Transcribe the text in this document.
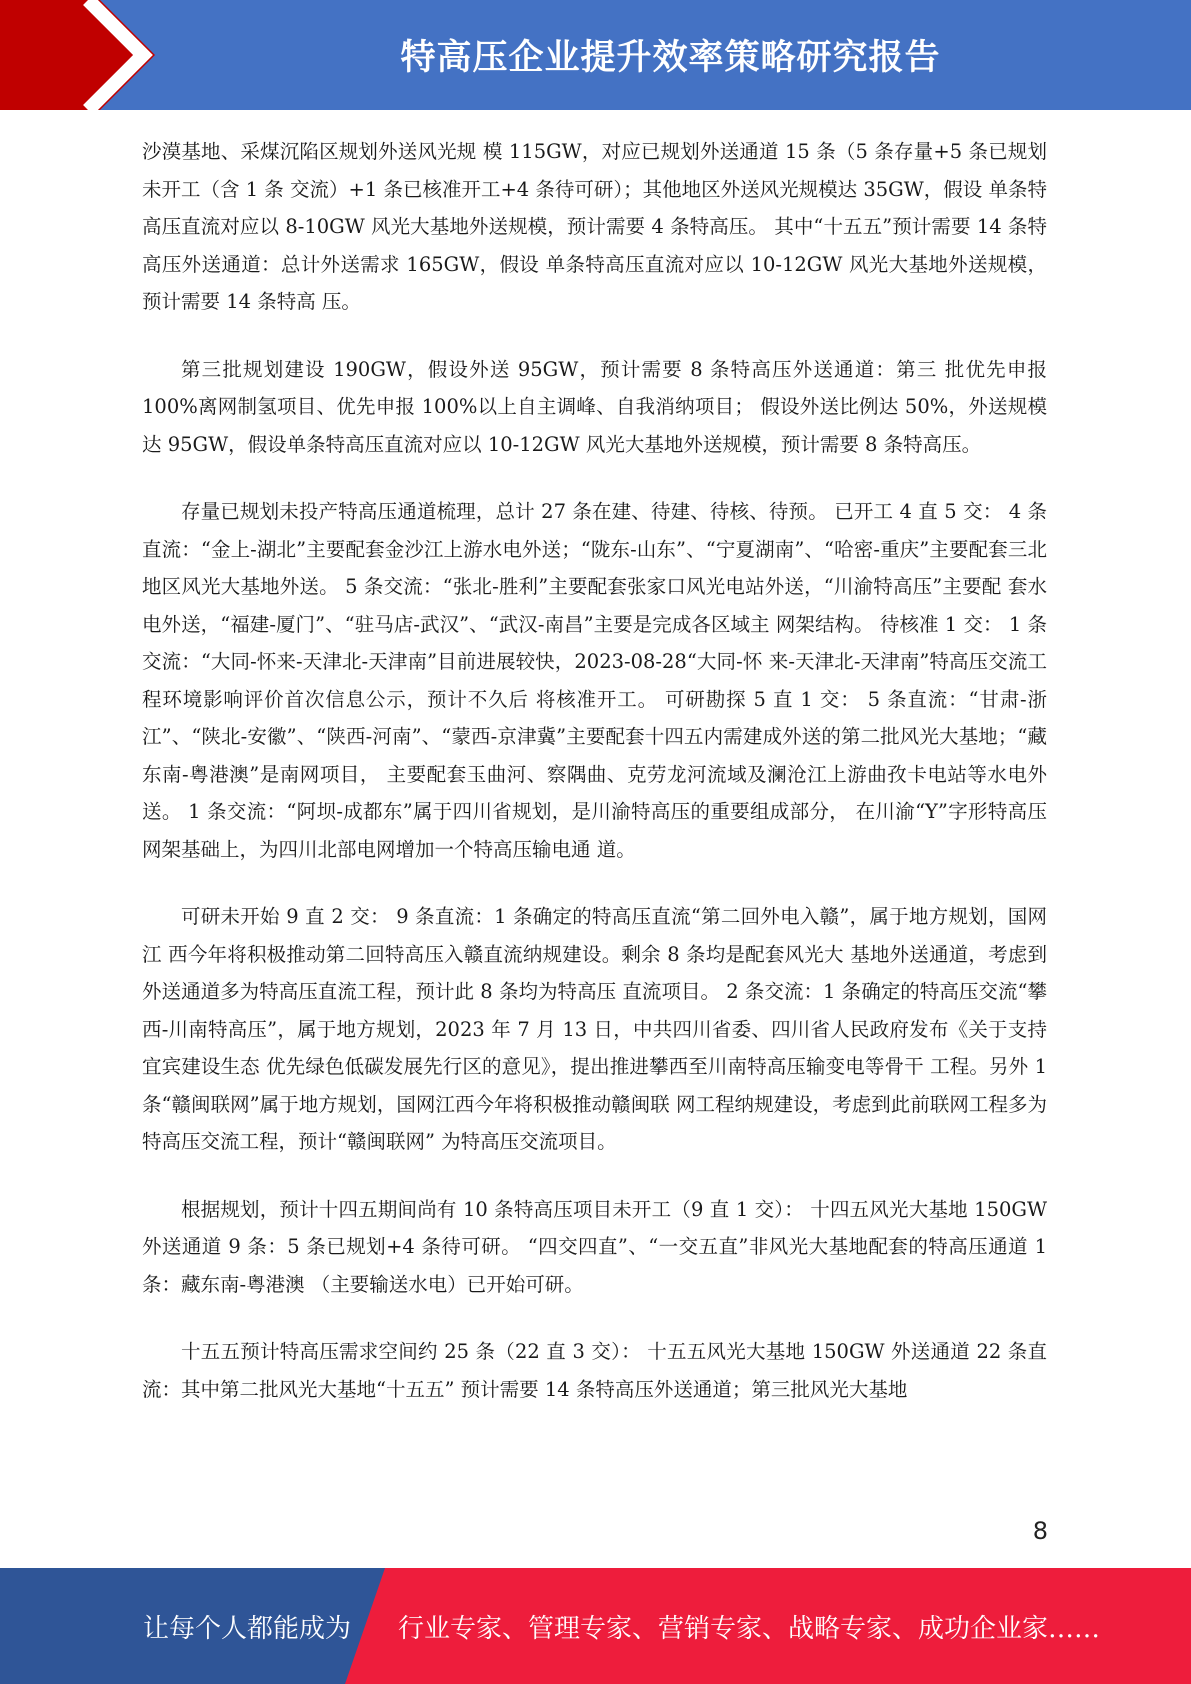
特高压企业提升效率策略研究报告

沙漠基地、采煤沉陷区规划外送风光规 模 115GW，对应已规划外送通道 15 条（5 条存量+5 条已规划未开工（含 1 条 交流）+1 条已核准开工+4 条待可研）；其他地区外送风光规模达 35GW，假设 单条特高压直流对应以 8-10GW 风光大基地外送规模，预计需要 4 条特高压。 其中“十五五”预计需要 14 条特高压外送通道：总计外送需求 165GW，假设 单条特高压直流对应以 10-12GW 风光大基地外送规模，预计需要 14 条特高 压。

第三批规划建设 190GW，假设外送 95GW，预计需要 8 条特高压外送通道：第三 批优先申报 100%离网制氢项目、优先申报 100%以上自主调峰、自我消纳项目； 假设外送比例达 50%，外送规模达 95GW，假设单条特高压直流对应以 10-12GW 风光大基地外送规模，预计需要 8 条特高压。

存量已规划未投产特高压通道梳理，总计 27 条在建、待建、待核、待预。 已开工 4 直 5 交： 4 条直流：“金上-湖北”主要配套金沙江上游水电外送；“陇东-山东”、“宁夏湖南”、“哈密-重庆”主要配套三北地区风光大基地外送。 5 条交流：“张北-胜利”主要配套张家口风光电站外送，“川渝特高压”主要配 套水电外送，“福建-厦门”、“驻马店-武汉”、“武汉-南昌”主要是完成各区域主 网架结构。 待核准 1 交： 1 条交流：“大同-怀来-天津北-天津南”目前进展较快，2023-08-28“大同-怀 来-天津北-天津南”特高压交流工程环境影响评价首次信息公示，预计不久后 将核准开工。 可研勘探 5 直 1 交： 5 条直流：“甘肃-浙江”、“陕北-安徽”、“陕西-河南”、“蒙西-京津冀”主要配套十四五内需建成外送的第二批风光大基地；“藏东南-粤港澳”是南网项目， 主要配套玉曲河、察隅曲、克劳龙河流域及澜沧江上游曲孜卡电站等水电外送。 1 条交流：“阿坝-成都东”属于四川省规划，是川渝特高压的重要组成部分， 在川渝“Y”字形特高压网架基础上，为四川北部电网增加一个特高压输电通 道。

可研未开始 9 直 2 交： 9 条直流：1 条确定的特高压直流“第二回外电入赣”，属于地方规划，国网江 西今年将积极推动第二回特高压入赣直流纳规建设。剩余 8 条均是配套风光大 基地外送通道，考虑到外送通道多为特高压直流工程，预计此 8 条均为特高压 直流项目。 2 条交流：1 条确定的特高压交流“攀西-川南特高压”，属于地方规划，2023 年 7 月 13 日，中共四川省委、四川省人民政府发布《关于支持宜宾建设生态 优先绿色低碳发展先行区的意见》，提出推进攀西至川南特高压输变电等骨干 工程。另外 1 条“赣闽联网”属于地方规划，国网江西今年将积极推动赣闽联 网工程纳规建设，考虑到此前联网工程多为特高压交流工程，预计“赣闽联网” 为特高压交流项目。

根据规划，预计十四五期间尚有 10 条特高压项目未开工（9 直 1 交）： 十四五风光大基地 150GW 外送通道 9 条：5 条已规划+4 条待可研。 “四交四直”、“一交五直”非风光大基地配套的特高压通道 1 条：藏东南-粤港澳 （主要输送水电）已开始可研。

十五五预计特高压需求空间约 25 条（22 直 3 交）： 十五五风光大基地 150GW 外送通道 22 条直流：其中第二批风光大基地“十五五” 预计需要 14 条特高压外送通道；第三批风光大基地

8
让每个人都能成为 行业专家、管理专家、营销专家、战略专家、成功企业家……
